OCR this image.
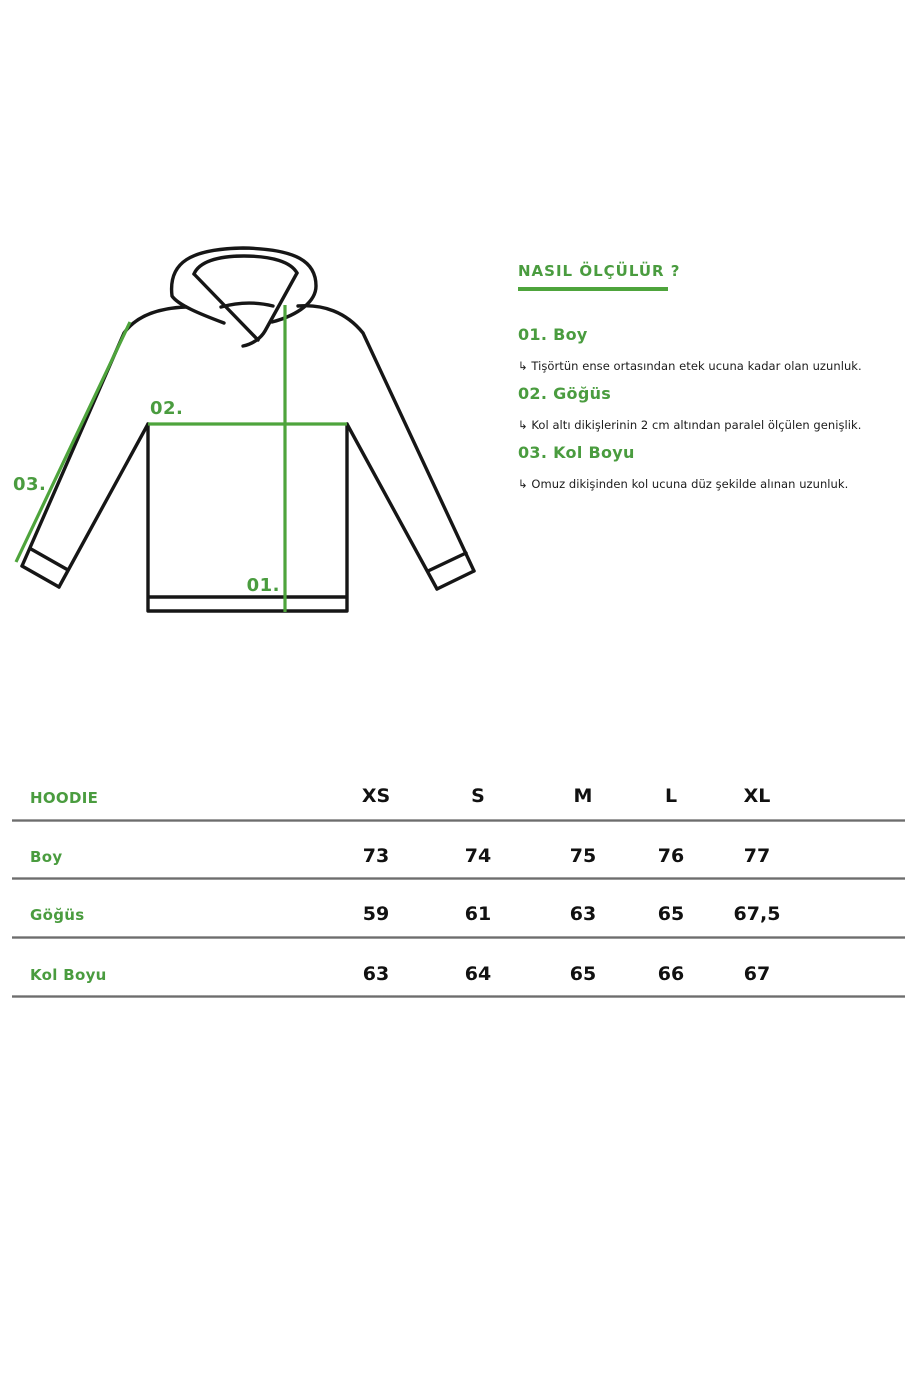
02.
01.
03.
NASIL ÖLÇÜLÜR ?
01. Boy
↳ Tişörtün ense ortasından etek ucuna kadar olan uzunluk.
02. Göğüs
↳ Kol altı dikişlerinin 2 cm altından paralel ölçülen genişlik.
03. Kol Boyu
↳ Omuz dikişinden kol ucuna düz şekilde alınan uzunluk.
HOODIE	XS	S	M	L	XL
Boy	73	74	75	76	77
Göğüs	59	61	63	65	67,5
Kol Boyu	63	64	65	66	67
